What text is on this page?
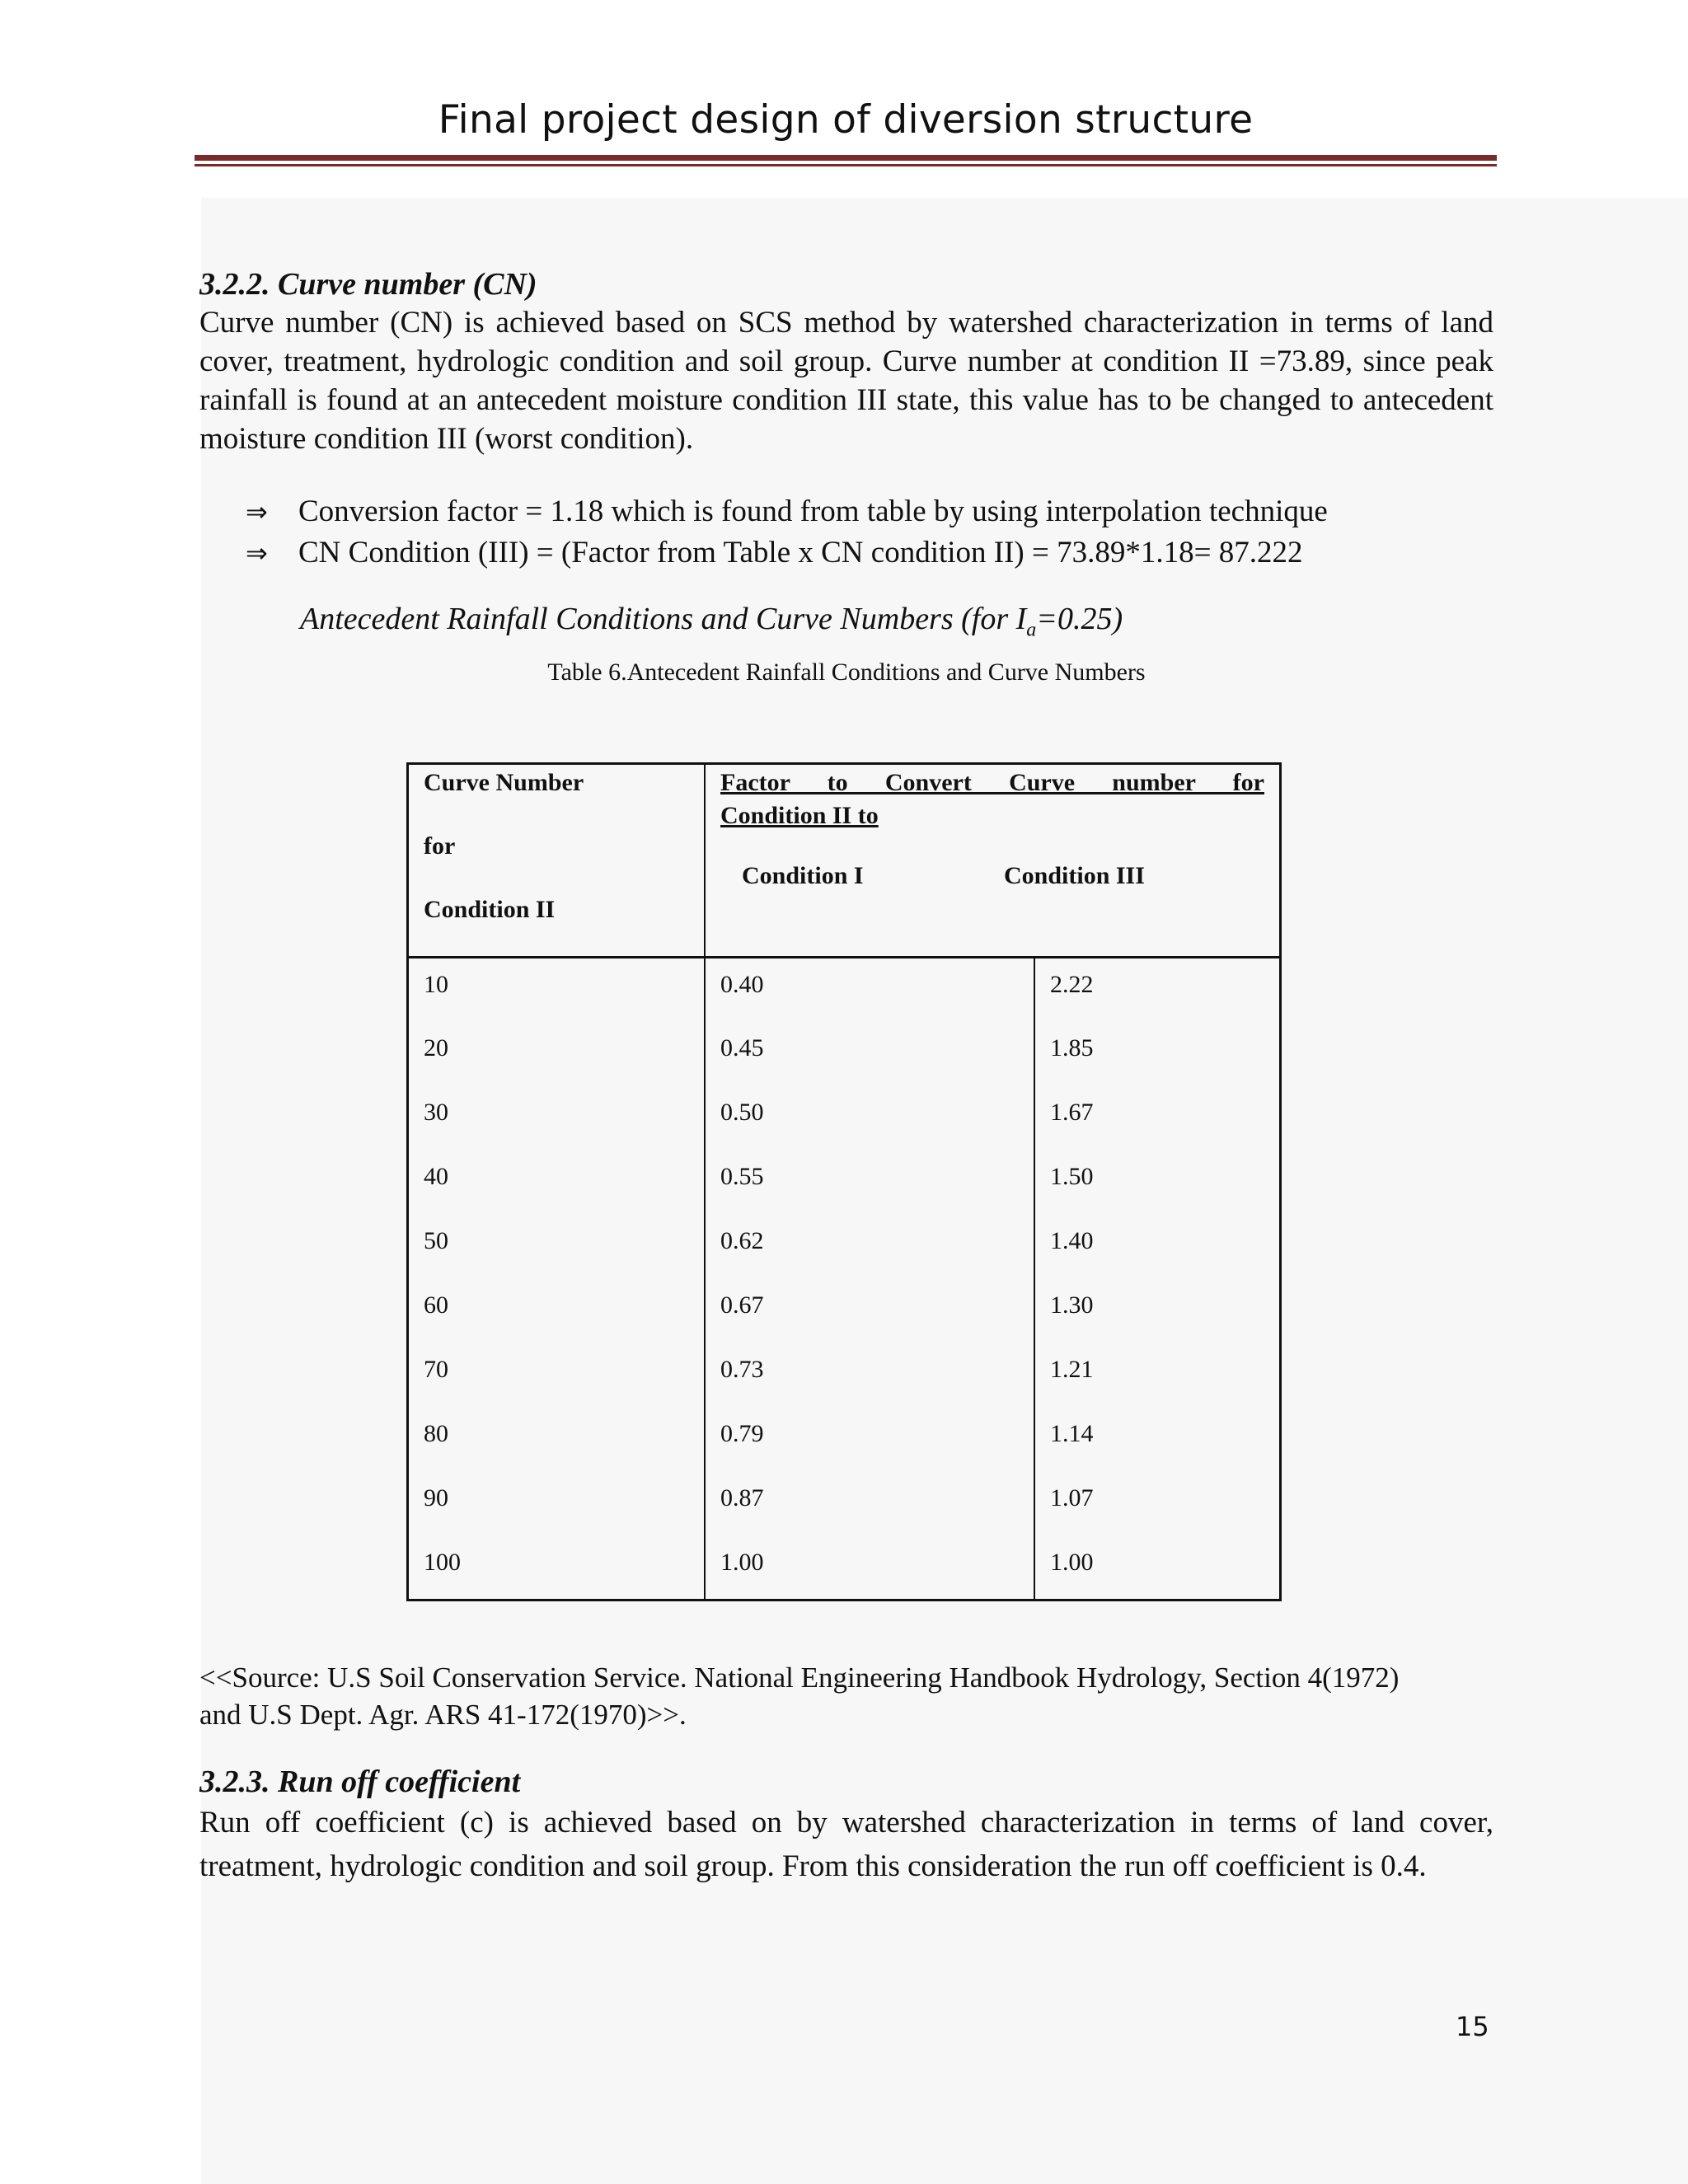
Final project design of diversion structure
3.2.2. Curve number (CN)

Curve number (CN) is achieved based on SCS method by watershed characterization in terms of land cover, treatment, hydrologic condition and soil group. Curve number at condition II =73.89, since peak rainfall is found at an antecedent moisture condition III state, this value has to be changed to antecedent moisture condition III (worst condition).

⇒	Conversion factor = 1.18 which is found from table by using interpolation technique
⇒	CN Condition (III) = (Factor from Table x CN condition II) = 73.89*1.18= 87.222
Antecedent Rainfall Conditions and Curve Numbers (for $I_a=0.25$)
Table 6.Antecedent Rainfall Conditions and Curve Numbers
Curve Number
for
Condition II	Factor to Convert Curve number for
Condition II to
Condition I Condition III	

10	0.40	2.22
20	0.45	1.85
30	0.50	1.67
40	0.55	1.50
50	0.62	1.40
60	0.67	1.30
70	0.73	1.21
80	0.79	1.14
90	0.87	1.07
100	1.00	1.00
<<Source: U.S Soil Conservation Service. National Engineering Handbook Hydrology, Section 4(1972)
and U.S Dept. Agr. ARS 41-172(1970)>>.
3.2.3. Run off coefficient

Run off coefficient (c) is achieved based on by watershed characterization in terms of land cover, treatment, hydrologic condition and soil group. From this consideration the run off coefficient is 0.4.

15
